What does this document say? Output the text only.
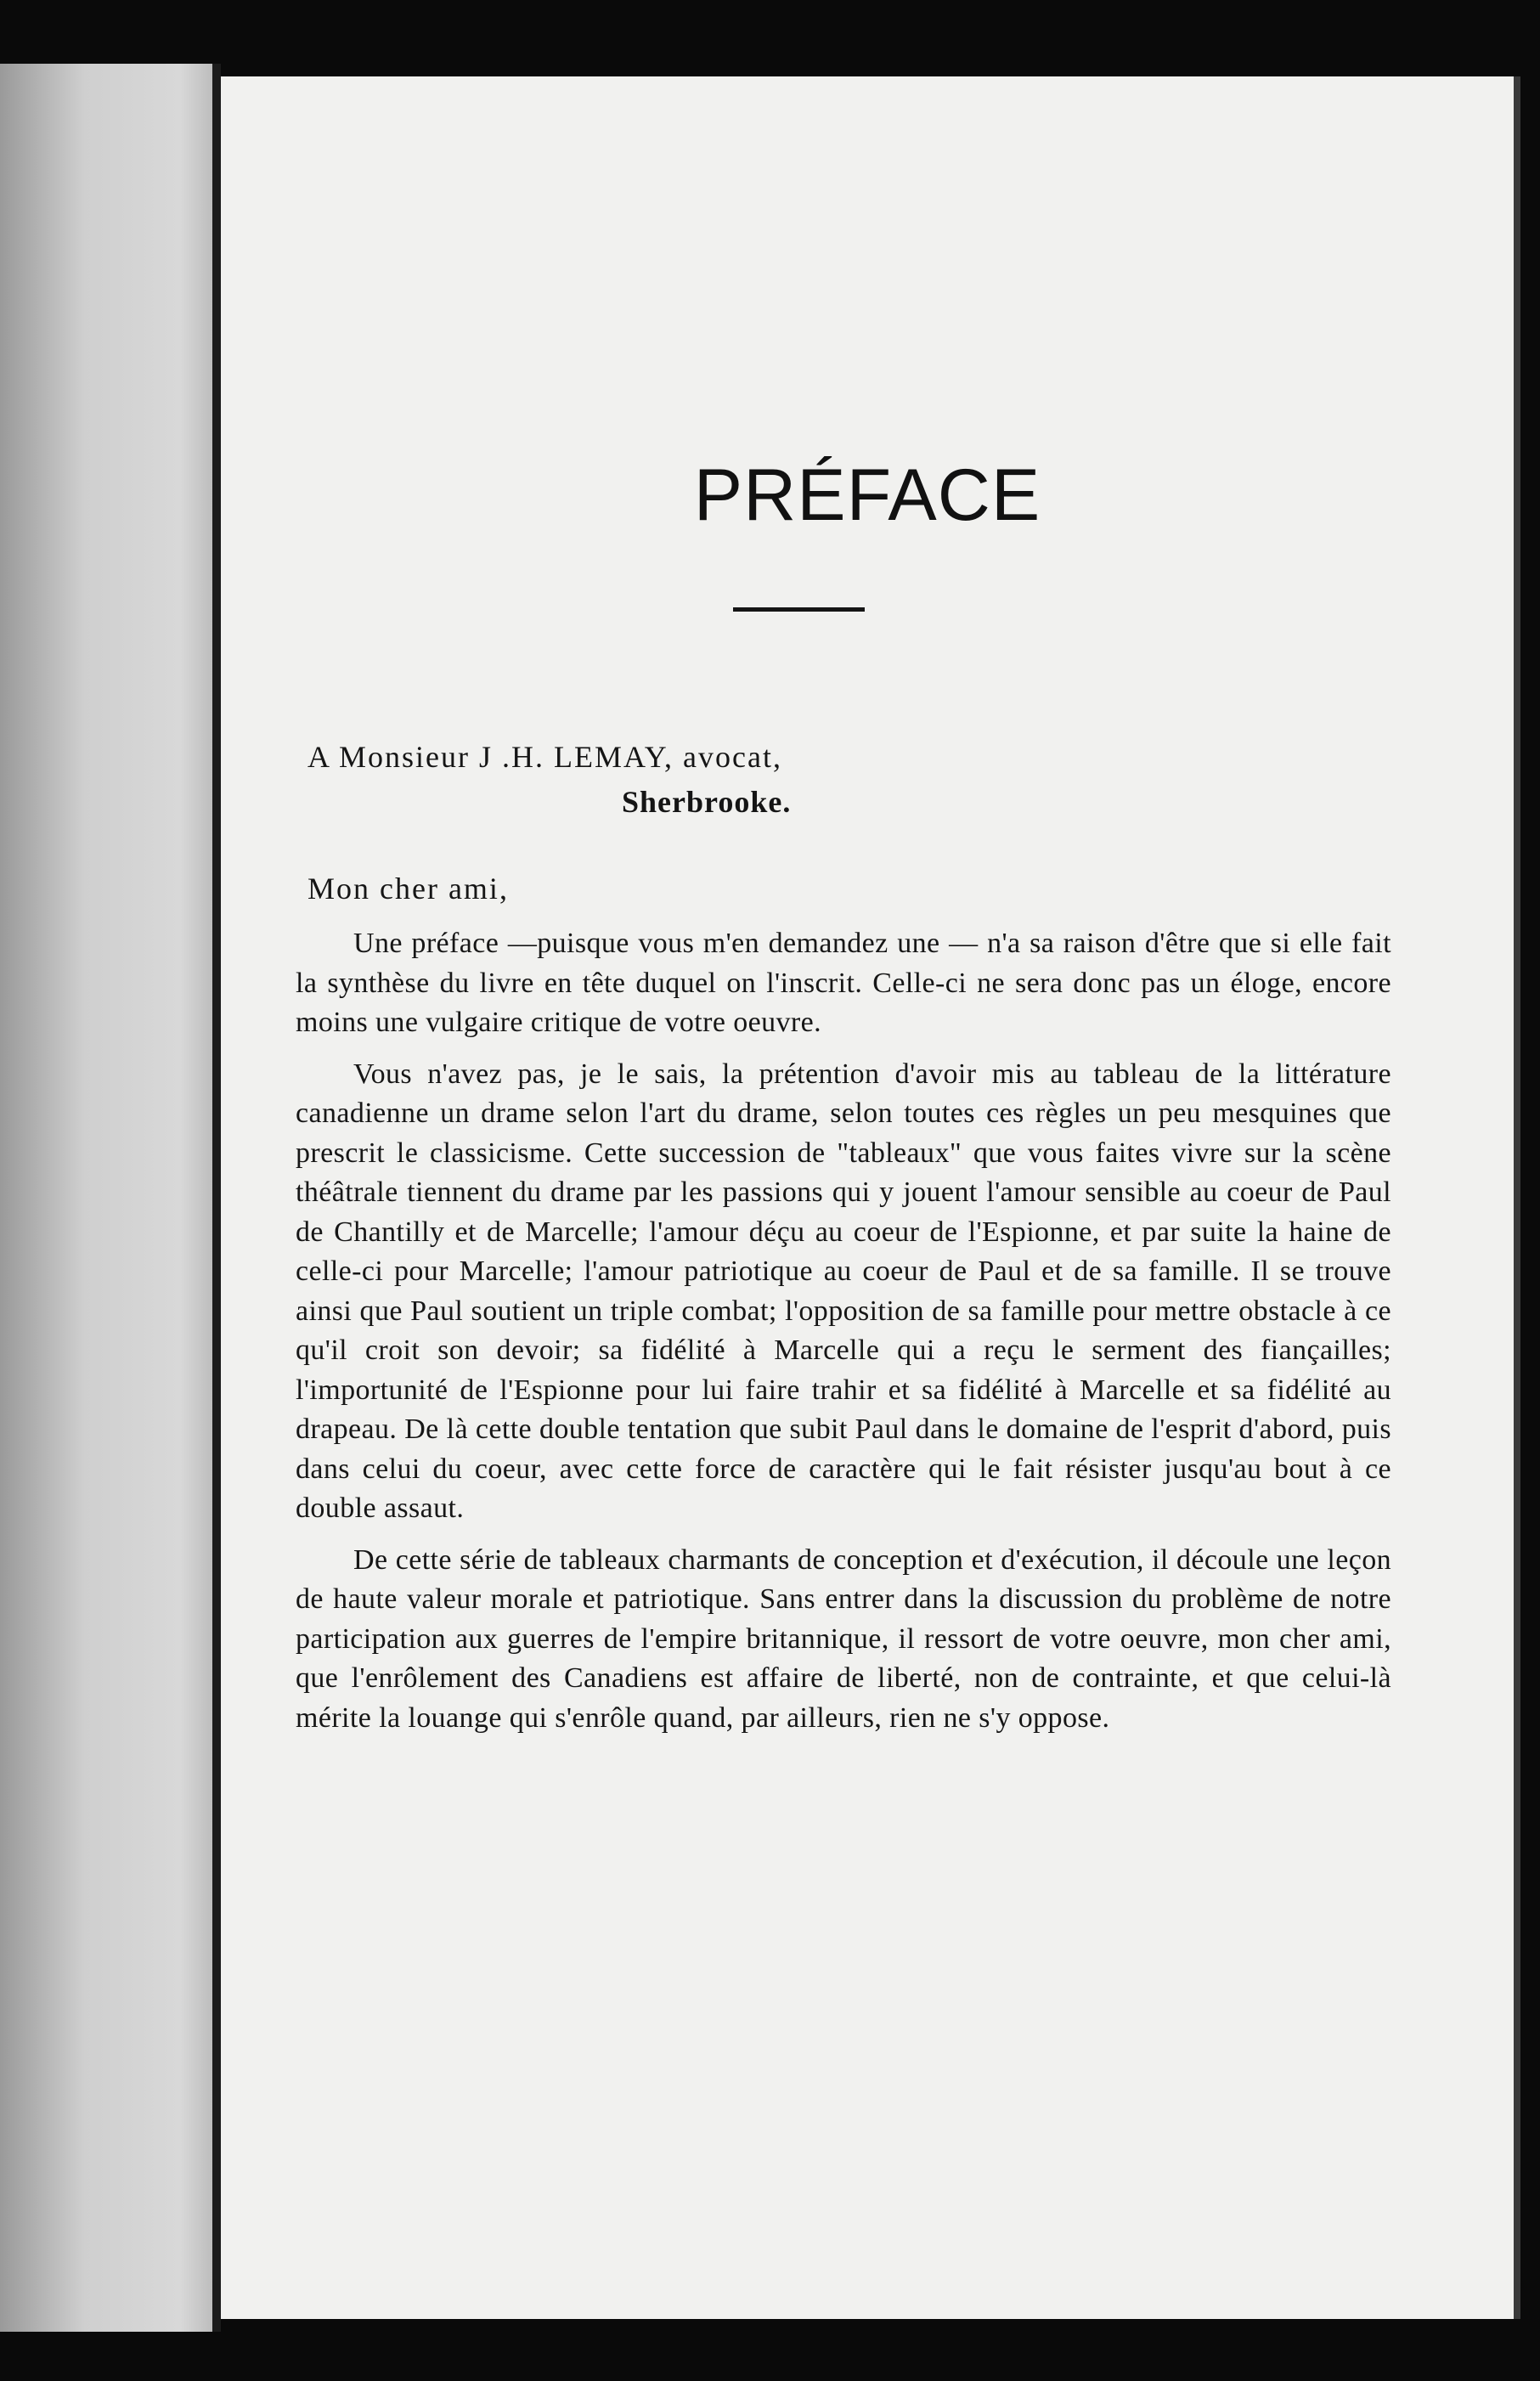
PRÉFACE
A Monsieur J .H. LEMAY, avocat,
Sherbrooke.
Mon cher ami,

Une préface —puisque vous m'en demandez une — n'a sa raison d'être que si elle fait la synthèse du livre en tête duquel on l'inscrit. Celle-ci ne sera donc pas un éloge, encore moins une vulgaire critique de votre oeuvre.

Vous n'avez pas, je le sais, la prétention d'avoir mis au tableau de la littérature canadienne un drame selon l'art du drame, selon toutes ces règles un peu mesquines que prescrit le classicisme. Cette succession de "tableaux" que vous faites vivre sur la scène théâtrale tiennent du drame par les passions qui y jouent l'amour sensible au coeur de Paul de Chantilly et de Marcelle; l'amour déçu au coeur de l'Espionne, et par suite la haine de celle-ci pour Marcelle; l'amour patriotique au coeur de Paul et de sa famille. Il se trouve ainsi que Paul soutient un triple combat; l'opposition de sa famille pour mettre obstacle à ce qu'il croit son devoir; sa fidélité à Marcelle qui a reçu le serment des fiançailles; l'importunité de l'Espionne pour lui faire trahir et sa fidélité à Marcelle et sa fidélité au drapeau. De là cette double tentation que subit Paul dans le domaine de l'esprit d'abord, puis dans celui du coeur, avec cette force de caractère qui le fait résister jusqu'au bout à ce double assaut.

De cette série de tableaux charmants de conception et d'exécution, il découle une leçon de haute valeur morale et patriotique. Sans entrer dans la discussion du problème de notre participation aux guerres de l'empire britannique, il ressort de votre oeuvre, mon cher ami, que l'enrôlement des Canadiens est affaire de liberté, non de contrainte, et que celui-là mérite la louange qui s'enrôle quand, par ailleurs, rien ne s'y oppose.
